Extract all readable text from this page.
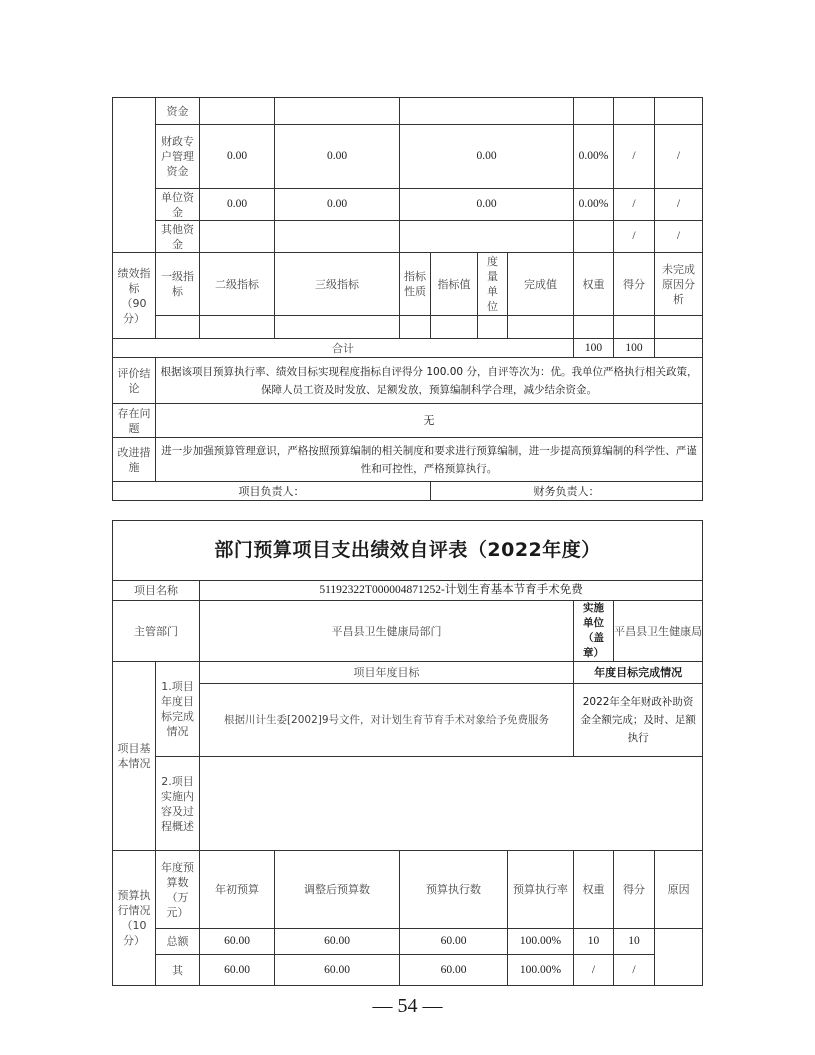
	资金										
	财政专户管理资金	0.00	0.00	0.00				0.00%	/	/	
	单位资金	0.00	0.00	0.00				0.00%	/	/	
	其他资金								/	/	
绩效指标（90分）	一级指标	二级指标	三级指标	指标性质	指标值	度量单位	完成值	权重	得分	未完成原因分析	

合计								100	100		
评价结论	根据该项目预算执行率、绩效目标实现程度指标自评得分 100.00 分，自评等次为：优。我单位严格执行相关政策，保障人员工资及时发放、足额发放，预算编制科学合理，减少结余资金。										
存在问题	无										
改进措施	进一步加强预算管理意识，严格按照预算编制的相关制度和要求进行预算编制，进一步提高预算编制的科学性、严谨性和可控性，严格预算执行。										
项目负责人：					财务负责人：						
部门预算项目支出绩效自评表（2022年度）								
项目名称		51192322T000004871252-计划生育基本节育手术免费						
主管部门		平昌县卫生健康局部门				实施单位（盖章）	平昌县卫生健康局	
项目基本情况	1.项目年度目标完成情况	项目年度目标				年度目标完成情况		
		根据川计生委[2002]9号文件，对计划生育节育手术对象给予免费服务				2022年全年财政补助资金全额完成；及时、足额执行		
	2.项目实施内容及过程概述							
预算执行情况（10分）	年度预算数（万元）	年初预算	调整后预算数	预算执行数	预算执行率	权重	得分	原因
	总额	60.00	60.00	60.00	100.00%	10	10	
	其	60.00	60.00	60.00	100.00%	/	/	
— 54 —
